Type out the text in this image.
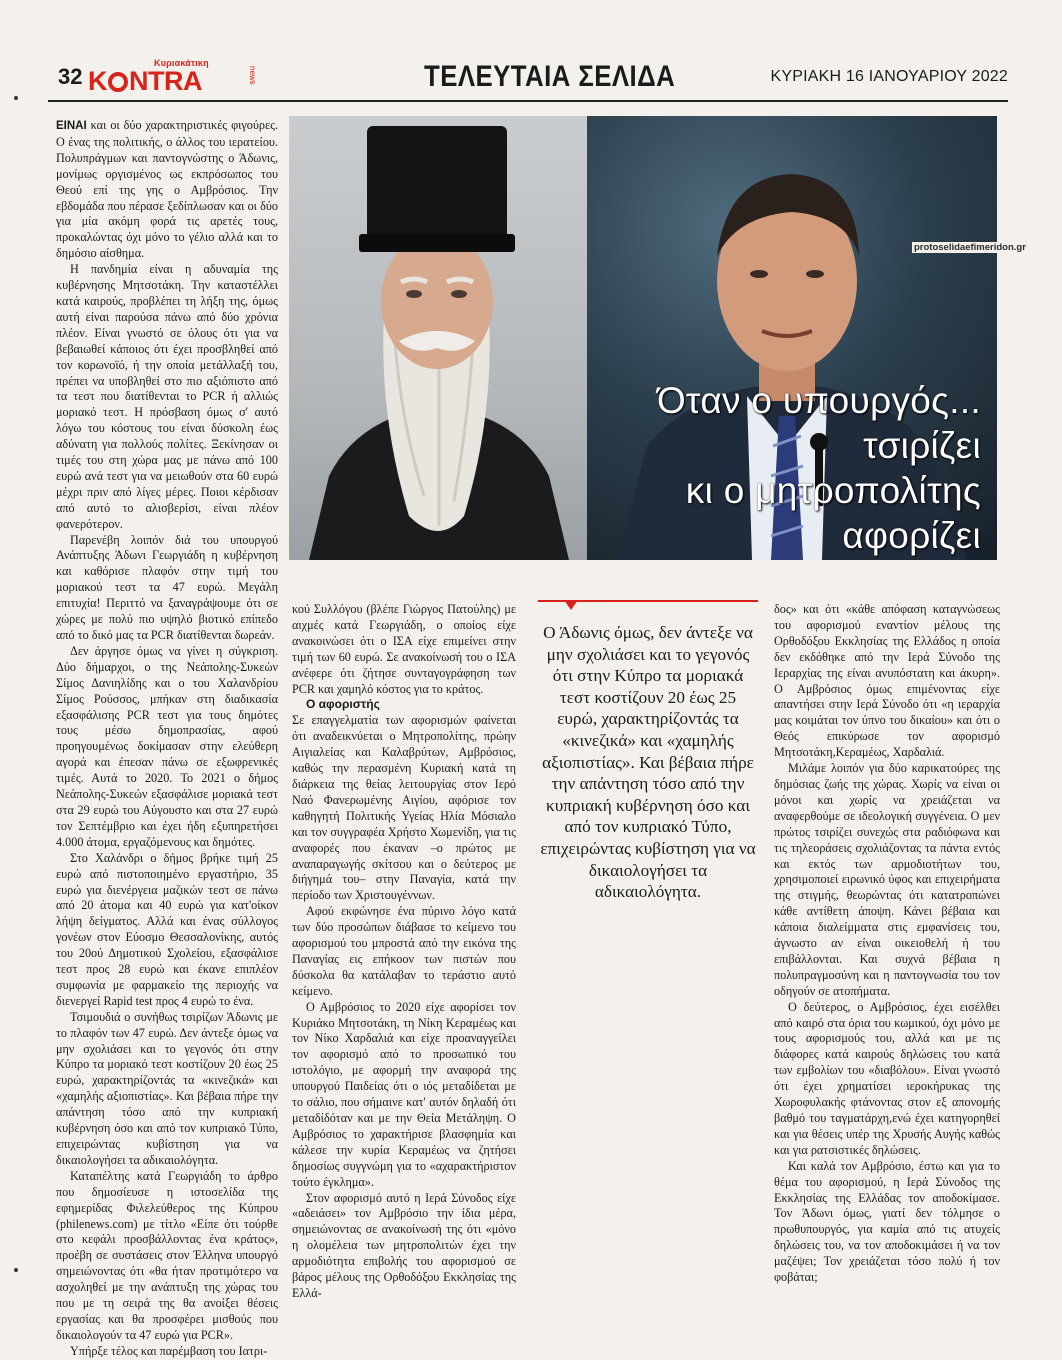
32
Κυριακάτικη
K NTRA	news	ΤΕΛΕΥΤΑΙΑ ΣΕΛΙΔΑ	ΚΥΡΙΑΚΗ 16 ΙΑΝΟΥΑΡΙΟΥ 2022
Όταν ο υπουργός...
τσιρίζει
κι ο μητροπολίτης
αφορίζει
protoselidaefimeridon.gr

ΕΙΝΑΙ και οι δύο χαρακτηριστικές φιγούρες. Ο ένας της πολιτικής, ο άλλος του ιερατείου. Πολυπράγμων και παντογνώστης ο Άδωνις, μονίμως οργισμένος ως εκπρόσωπος του Θεού επί της γης ο Αμβρόσιος. Την εβδομάδα που πέρασε ξεδίπλωσαν και οι δύο για μία ακόμη φορά τις αρετές τους, προκαλώντας όχι μόνο το γέλιο αλλά και το δημόσιο αίσθημα.

Η πανδημία είναι η αδυναμία της κυβέρνησης Μητσοτάκη. Την καταστέλλει κατά καιρούς, προβλέπει τη λήξη της, όμως αυτή είναι παρούσα πάνω από δύο χρόνια πλέον. Είναι γνωστό σε όλους ότι για να βεβαιωθεί κάποιος ότι έχει προσβληθεί από τον κορωνοϊό, ή την οποία μετάλλαξή του, πρέπει να υποβληθεί στο πιο αξιόπιστο από τα τεστ που διατίθενται το PCR ή αλλιώς μοριακό τεστ. Η πρόσβαση όμως σ' αυτό λόγω του κόστους του είναι δύσκολη έως αδύνατη για πολλούς πολίτες. Ξεκίνησαν οι τιμές του στη χώρα μας με πάνω από 100 ευρώ ανά τεστ για να μειωθούν στα 60 ευρώ μέχρι πριν από λίγες μέρες. Ποιοι κέρδισαν από αυτό το αλισβερίσι, είναι πλέον φανερότερον.

Παρενέβη λοιπόν διά του υπουργού Ανάπτυξης Άδωνι Γεωργιάδη η κυβέρνηση και καθόρισε πλαφόν στην τιμή του μοριακού τεστ τα 47 ευρώ. Μεγάλη επιτυχία! Περιττό να ξαναγράψουμε ότι σε χώρες με πολύ πιο υψηλό βιοτικό επίπεδο από το δικό μας τα PCR διατίθενται δωρεάν.

Δεν άργησε όμως να γίνει η σύγκριση. Δύο δήμαρχοι, ο της Νεάπολης-Συκεών Σίμος Δανιηλίδης και ο του Χαλανδρίου Σίμος Ρούσσος, μπήκαν στη διαδικασία εξασφάλισης PCR τεστ για τους δημότες τους μέσω δημοπρασίας, αφού προηγουμένως δοκίμασαν στην ελεύθερη αγορά και έπεσαν πάνω σε εξωφρενικές τιμές. Αυτά το 2020. Το 2021 ο δήμος Νεάπολης-Συκεών εξασφάλισε μοριακά τεστ στα 29 ευρώ του Αύγουστο και στα 27 ευρώ τον Σεπτέμβριο και έχει ήδη εξυπηρετήσει 4.000 άτομα, εργαζόμενους και δημότες.

Στο Χαλάνδρι ο δήμος βρήκε τιμή 25 ευρώ από πιστοποιημένο εργαστήριο, 35 ευρώ για διενέργεια μαζικών τεστ σε πάνω από 20 άτομα και 40 ευρώ για κατ'οίκον λήψη δείγματος. Αλλά και ένας σύλλογος γονέων στον Εύοσμο Θεσσαλονίκης, αυτός του 20ού Δημοτικού Σχολείου, εξασφάλισε τεστ προς 28 ευρώ και έκανε επιπλέον συμφωνία με φαρμακείο της περιοχής να διενεργεί Rapid test προς 4 ευρώ το ένα.

Τσιμουδιά ο συνήθως τσιρίζων Άδωνις με το πλαφόν των 47 ευρώ. Δεν άντεξε όμως να μην σχολιάσει και το γεγονός ότι στην Κύπρο τα μοριακό τεστ κοστίζουν 20 έως 25 ευρώ, χαρακτηρίζοντάς τα «κινεζικά» και «χαμηλής αξιοπιστίας». Και βέβαια πήρε την απάντηση τόσο από την κυπριακή κυβέρνηση όσο και από τον κυπριακό Τύπο, επιχειρώντας κυβίστηση για να δικαιολογήσει τα αδικαιολόγητα.

Καταπέλτης κατά Γεωργιάδη το άρθρο που δημοσίευσε η ιστοσελίδα της εφημερίδας Φιλελεύθερος της Κύπρου (philenews.com) με τίτλο «Είπε ότι τούρθε στο κεφάλι προσβάλλοντας ένα κράτος», προέβη σε συστάσεις στον Έλληνα υπουργό σημειώνοντας ότι «θα ήταν προτιμότερο να ασχοληθεί με την ανάπτυξη της χώρας του που με τη σειρά της θα ανοίξει θέσεις εργασίας και θα προσφέρει μισθούς που δικαιολογούν τα 47 ευρώ για PCR».

Υπήρξε τέλος και παρέμβαση του Ιατρι-

κού Συλλόγου (βλέπε Γιώργος Πατούλης) με αιχμές κατά Γεωργιάδη, ο οποίος είχε ανακοινώσει ότι ο ΙΣΑ είχε επιμείνει στην τιμή των 60 ευρώ. Σε ανακοίνωσή του ο ΙΣΑ ανέφερε ότι ζήτησε συνταγογράφηση των PCR και χαμηλό κόστος για το κράτος.

Ο αφοριστής

Σε επαγγελματία των αφορισμών φαίνεται ότι αναδεικνύεται ο Μητροπολίτης, πρώην Αιγιαλείας και Καλαβρύτων, Αμβρόσιος, καθώς την περασμένη Κυριακή κατά τη διάρκεια της θείας λειτουργίας στον Ιερό Ναό Φανερωμένης Αιγίου, αφόρισε τον καθηγητή Πολιτικής Υγείας Ηλία Μόσιαλο και τον συγγραφέα Χρήστο Χωμενίδη, για τις αναφορές που έκαναν –ο πρώτος με αναπαραγωγής σκίτσου και ο δεύτερος με διήγημά του– στην Παναγία, κατά την περίοδο των Χριστουγέννων.

Αφού εκφώνησε ένα πύρινο λόγο κατά των δύο προσώπων διάβασε το κείμενο του αφορισμού του μπροστά από την εικόνα της Παναγίας εις επήκοον των πιστών που δύσκολα θα κατάλαβαν το τεράστιο αυτό κείμενο.

Ο Αμβρόσιος το 2020 είχε αφορίσει τον Κυριάκο Μητσοτάκη, τη Νίκη Κεραμέως και τον Νίκο Χαρδαλιά και είχε προαναγγείλει τον αφορισμό από το προσωπικό του ιστολόγιο, με αφορμή την αναφορά της υπουργού Παιδείας ότι ο ιός μεταδίδεται με το σάλιο, που σήμαινε κατ' αυτόν δηλαδή ότι μεταδίδόταν και με την Θεία Μετάληψη. Ο Αμβρόσιος το χαρακτήρισε βλασφημία και κάλεσε την κυρία Κεραμέως να ζητήσει δημοσίως συγγνώμη για το «αχαρακτήριστον τούτο έγκλημα».

Στον αφορισμό αυτό η Ιερά Σύνοδος είχε «αδειάσει» τον Αμβρόσιο την ίδια μέρα, σημειώνοντας σε ανακοίνωσή της ότι «μόνο η ολομέλεια των μητροπολιτών έχει την αρμοδιότητα επιβολής του αφορισμού σε βάρος μέλους της Ορθοδόξου Εκκλησίας της Ελλά-

Ο Άδωνις όμως, δεν άντεξε να μην σχολιάσει και το γεγονός ότι στην Κύπρο τα μοριακά τεστ κοστίζουν 20 έως 25 ευρώ, χαρακτηρίζοντάς τα «κινεζικά» και «χαμηλής αξιοπιστίας». Και βέβαια πήρε την απάντηση τόσο από την κυπριακή κυβέρνηση όσο και από τον κυπριακό Τύπο, επιχειρώντας κυβίστηση για να δικαιολογήσει τα αδικαιολόγητα.

δος» και ότι «κάθε απόφαση καταγνώσεως του αφορισμού εναντίον μέλους της Ορθοδόξου Εκκλησίας της Ελλάδος η οποία δεν εκδόθηκε από την Ιερά Σύνοδο της Ιεραρχίας της είναι ανυπόστατη και άκυρη». Ο Αμβρόσιος όμως επιμένοντας είχε απαντήσει στην Ιερά Σύνοδο ότι «η ιεραρχία μας κοιμάται τον ύπνο του δικαίου» και ότι ο Θεός επικύρωσε τον αφορισμό Μητσοτάκη,Κεραμέως, Χαρδαλιά.

Μιλάμε λοιπόν για δύο καρικατούρες της δημόσιας ζωής της χώρας. Χωρίς να είναι οι μόνοι και χωρίς να χρειάζεται να αναφερθούμε σε ιδεολογική συγγένεια. Ο μεν πρώτος τσιρίζει συνεχώς στα ραδιόφωνα και τις τηλεοράσεις σχολιάζοντας τα πάντα εντός και εκτός των αρμοδιοτήτων του, χρησιμοποιεί ειρωνικό ύφος και επιχειρήματα της στιγμής, θεωρώντας ότι κατατροπώνει κάθε αντίθετη άποψη. Κάνει βέβαια και κάποια διαλείμματα στις εμφανίσεις του, άγνωστο αν είναι οικειοθελή ή του επιβάλλονται. Και συχνά βέβαια η πολυπραγμοσύνη και η παντογνωσία του τον οδηγούν σε ατοπήματα.

Ο δεύτερος, ο Αμβρόσιος, έχει εισέλθει από καιρό στα όρια του κωμικού, όχι μόνο με τους αφορισμούς του, αλλά και με τις διάφορες κατά καιρούς δηλώσεις του κατά των εμβολίων του «διαβόλου». Είναι γνωστό ότι έχει χρηματίσει ιεροκήρυκας της Χωροφυλακής φτάνοντας στον εξ απονομής βαθμό του ταγματάρχη,ενώ έχει κατηγορηθεί και για θέσεις υπέρ της Χρυσής Αυγής καθώς και για ρατσιστικές δηλώσεις.

Και καλά τον Αμβρόσιο, έστω και για το θέμα του αφορισμού, η Ιερά Σύνοδος της Εκκλησίας της Ελλάδας τον αποδοκίμασε. Τον Άδωνι όμως, γιατί δεν τόλμησε ο πρωθυπουργός, για καμία από τις ατυχείς δηλώσεις του, να τον αποδοκιμάσει ή να τον μαζέψει; Τον χρειάζεται τόσο πολύ ή τον φοβάται;
